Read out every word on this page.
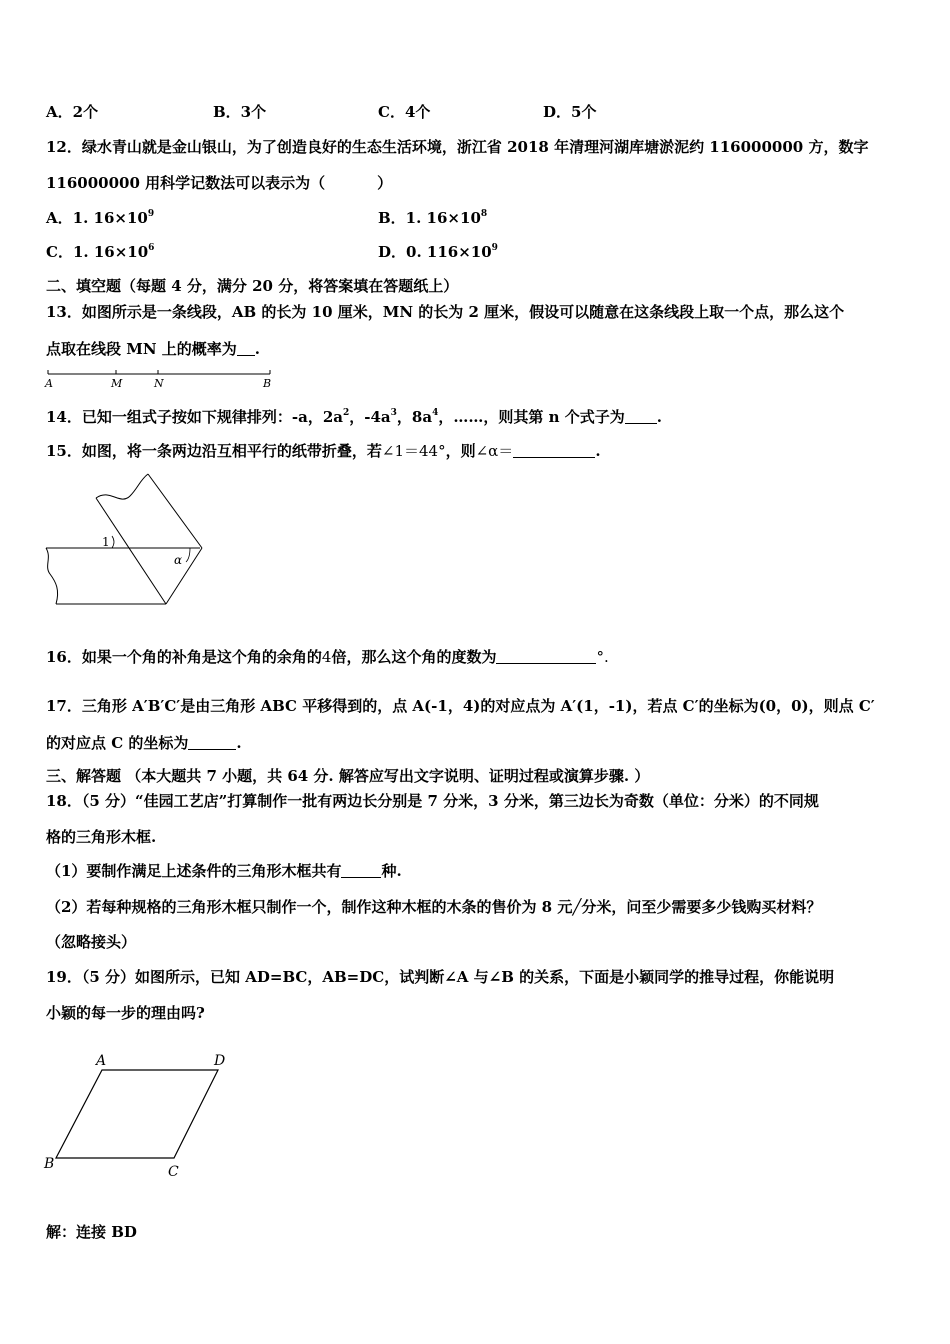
A．2个	B．3个	C．4个	D．5个
12．绿水青山就是金山银山，为了创造良好的生态生活环境，浙江省 2018 年清理河湖库塘淤泥约 116000000 方，数字
116000000 用科学记数法可以表示为（	）
A．1. $16\times 10^9$	B．1. $16\times 10^8$
C．1. $16\times 10^6$	D．0. $116\times 10^9$
二、填空题（每题 4 分，满分 20 分，将答案填在答题纸上）
13．如图所示是一条线段，AB 的长为 10 厘米，MN 的长为 2 厘米，假设可以随意在这条线段上取一个点，那么这个
点取在线段 MN 上的概率为 .
A	M	N	B
14．已知一组式子按如下规律排列：-a，$2a^2$，$-4a^3$，$8a^4$，……，则其第 n 个式子为 .
15．如图，将一条两边沿互相平行的纸带折叠，若∠1＝44°，则∠α＝	.
1
α
16．如果一个角的补角是这个角的余角的4倍，那么这个角的度数为	°.
17．三角形 A′B′C′是由三角形 ABC 平移得到的，点 A(-1，4)的对应点为 A′(1，-1)，若点 C′的坐标为(0，0)，则点 C′
的对应点 C 的坐标为	.
三、解答题 （本大题共 7 小题，共 64 分. 解答应写出文字说明、证明过程或演算步骤. ）
18．（5 分）“佳园工艺店”打算制作一批有两边长分别是 7 分米，3 分米，第三边长为奇数（单位：分米）的不同规
格的三角形木框.
（1）要制作满足上述条件的三角形木框共有	种.
（2）若每种规格的三角形木框只制作一个，制作这种木框的木条的售价为 8 元╱分米，问至少需要多少钱购买材料？
（忽略接头）
19．（5 分）如图所示，已知 AD=BC，AB=DC，试判断∠A 与∠B 的关系，下面是小颖同学的推导过程，你能说明
小颖的每一步的理由吗?
A	D
B	C
解：连接 BD
